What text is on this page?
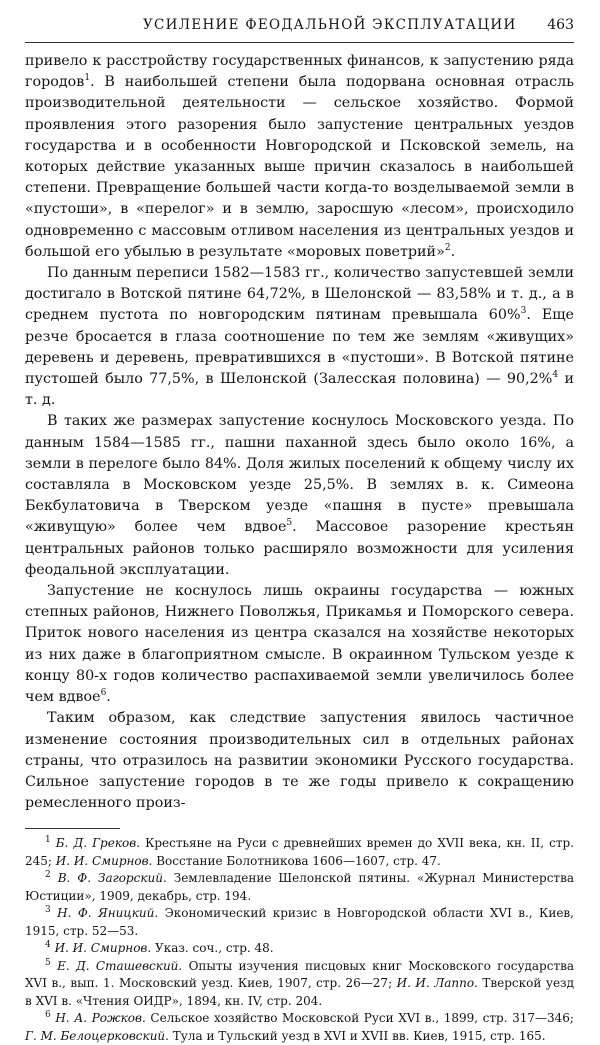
УСИЛЕНИЕ ФЕОДАЛЬНОЙ ЭКСПЛУАТАЦИИ 463

привело к расстройству государственных финансов, к запустению ряда городов$^1$. В наибольшей степени была подорвана основная отрасль производительной деятельности — сельское хозяйство. Формой проявления этого разорения было запустение центральных уездов государства и в особенности Новгородской и Псковской земель, на которых действие указанных выше причин сказалось в наибольшей степени. Превращение большей части когда-то возделываемой земли в «пустоши», в «перелог» и в землю, заросшую «лесом», происходило одновременно с массовым отливом населения из центральных уездов и большой его убылью в результате «моровых поветрий»$^2$.

По данным переписи 1582—1583 гг., количество запустевшей земли достигало в Вотской пятине 64,72%, в Шелонской — 83,58% и т. д., а в среднем пустота по новгородским пятинам превышала 60%$^3$. Еще резче бросается в глаза соотношение по тем же землям «живущих» деревень и деревень, превратившихся в «пустоши». В Вотской пятине пустошей было 77,5%, в Шелонской (Залесская половина) — 90,2%$^4$ и т. д.

В таких же размерах запустение коснулось Московского уезда. По данным 1584—1585 гг., пашни паханной здесь было около 16%, а земли в перелоге было 84%. Доля жилых поселений к общему числу их составляла в Московском уезде 25,5%. В землях в. к. Симеона Бекбулатовича в Тверском уезде «пашня в пусте» превышала «живущую» более чем вдвое$^5$. Массовое разорение крестьян центральных районов только расширяло возможности для усиления феодальной эксплуатации.

Запустение не коснулось лишь окраины государства — южных степных районов, Нижнего Поволжья, Прикамья и Поморского севера. Приток нового населения из центра сказался на хозяйстве некоторых из них даже в благоприятном смысле. В окраинном Тульском уезде к концу 80-х годов количество распахиваемой земли увеличилось более чем вдвое$^6$.

Таким образом, как следствие запустения явилось частичное изменение состояния производительных сил в отдельных районах страны, что отразилось на развитии экономики Русского государства. Сильное запустение городов в те же годы привело к сокращению ремесленного произ-

$^1$ Б. Д. Греков. Крестьяне на Руси с древнейших времен до XVII века, кн. II, стр. 245; И. И. Смирнов. Восстание Болотникова 1606—1607, стр. 47.

$^2$ В. Ф. Загорский. Землевладение Шелонской пятины. «Журнал Министерства Юстиции», 1909, декабрь, стр. 194.

$^3$ Н. Ф. Яницкий. Экономический кризис в Новгородской области XVI в., Киев, 1915, стр. 52—53.

$^4$ И. И. Смирнов. Указ. соч., стр. 48.

$^5$ Е. Д. Сташевский. Опыты изучения писцовых книг Московского государства XVI в., вып. 1. Московский уезд. Киев, 1907, стр. 26—27; И. И. Лаппо. Тверской уезд в XVI в. «Чтения ОИДР», 1894, кн. IV, стр. 204.

$^6$ Н. А. Рожков. Сельское хозяйство Московской Руси XVI в., 1899, стр. 317—346; Г. М. Белоцерковский. Тула и Тульский уезд в XVI и XVII вв. Киев, 1915, стр. 165.
